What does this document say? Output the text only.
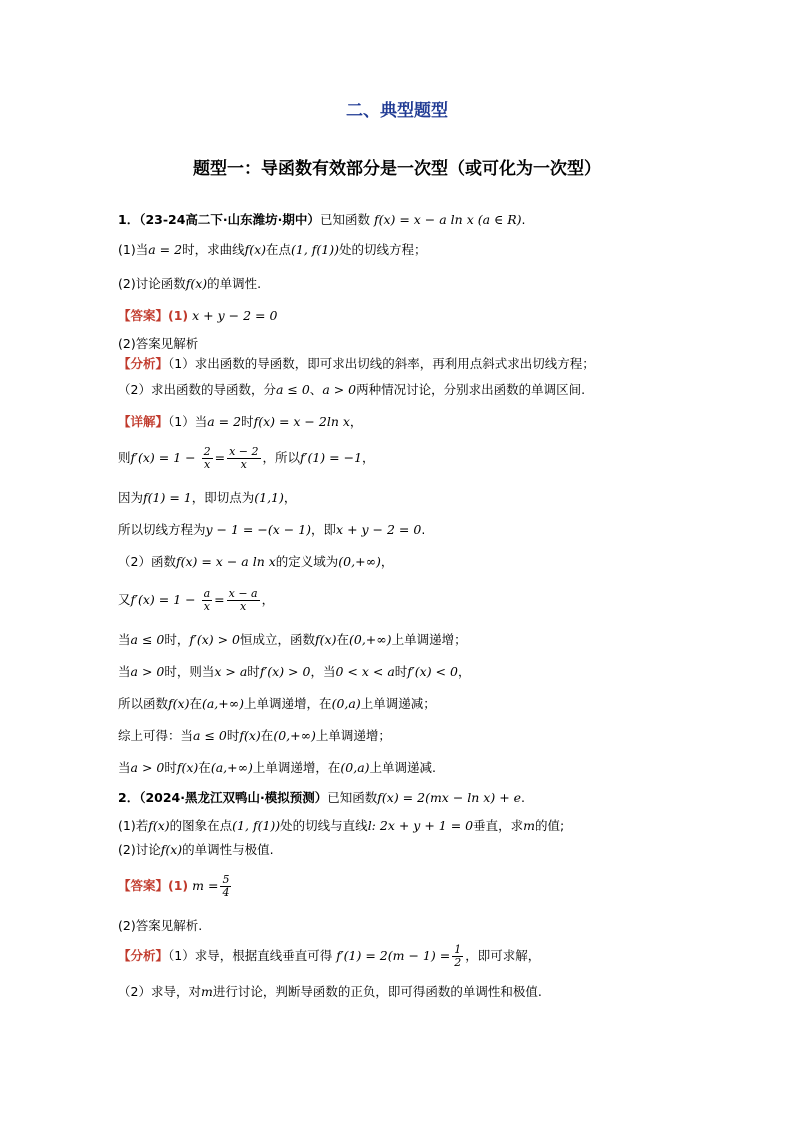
二、典型题型
题型一：导函数有效部分是一次型（或可化为一次型）
1．（23-24高二下·山东潍坊·期中）已知函数 f(x) = x − a ln x (a ∈ R).
(1)当a = 2时，求曲线f(x)在点(1, f(1))处的切线方程；
(2)讨论函数f(x)的单调性.
【答案】(1) x + y − 2 = 0
(2)答案见解析
【分析】（1）求出函数的导函数，即可求出切线的斜率，再利用点斜式求出切线方程；
（2）求出函数的导函数，分a ≤ 0、a > 0两种情况讨论，分别求出函数的单调区间.
【详解】（1）当a = 2时f(x) = x − 2ln x，
则$f'(x) = 1 - \frac{2}{x} = \frac{x - 2}{x}$ ，所以f′(1) = −1，
因为f(1) = 1，即切点为(1,1)，
所以切线方程为y − 1 = −(x − 1)，即x + y − 2 = 0.
（2）函数f(x) = x − a ln x的定义域为(0,+∞)，
又$f'(x) = 1 - \frac{a}{x} = \frac{x - a}{x}$ ，
当a ≤ 0时，f′(x) > 0恒成立，函数f(x)在(0,+∞)上单调递增；
当a > 0时，则当x > a时f′(x) > 0，当0 < x < a时f′(x) < 0，
所以函数f(x)在(a,+∞)上单调递增，在(0,a)上单调递减；
综上可得：当a ≤ 0时f(x)在(0,+∞)上单调递增；
当a > 0时f(x)在(a,+∞)上单调递增，在(0,a)上单调递减.
2．（2024·黑龙江双鸭山·模拟预测）已知函数f(x) = 2(mx − ln x) + e.
(1)若f(x)的图象在点(1, f(1))处的切线与直线l: 2x + y + 1 = 0垂直，求m的值;
(2)讨论f(x)的单调性与极值.
【答案】(1) $m = \frac{5}{4}$
(2)答案见解析.
【分析】（1）求导，根据直线垂直可得 $f'(1) = 2(m - 1) = \frac{1}{2}$ ，即可求解，
（2）求导，对m进行讨论，判断导函数的正负，即可得函数的单调性和极值.
